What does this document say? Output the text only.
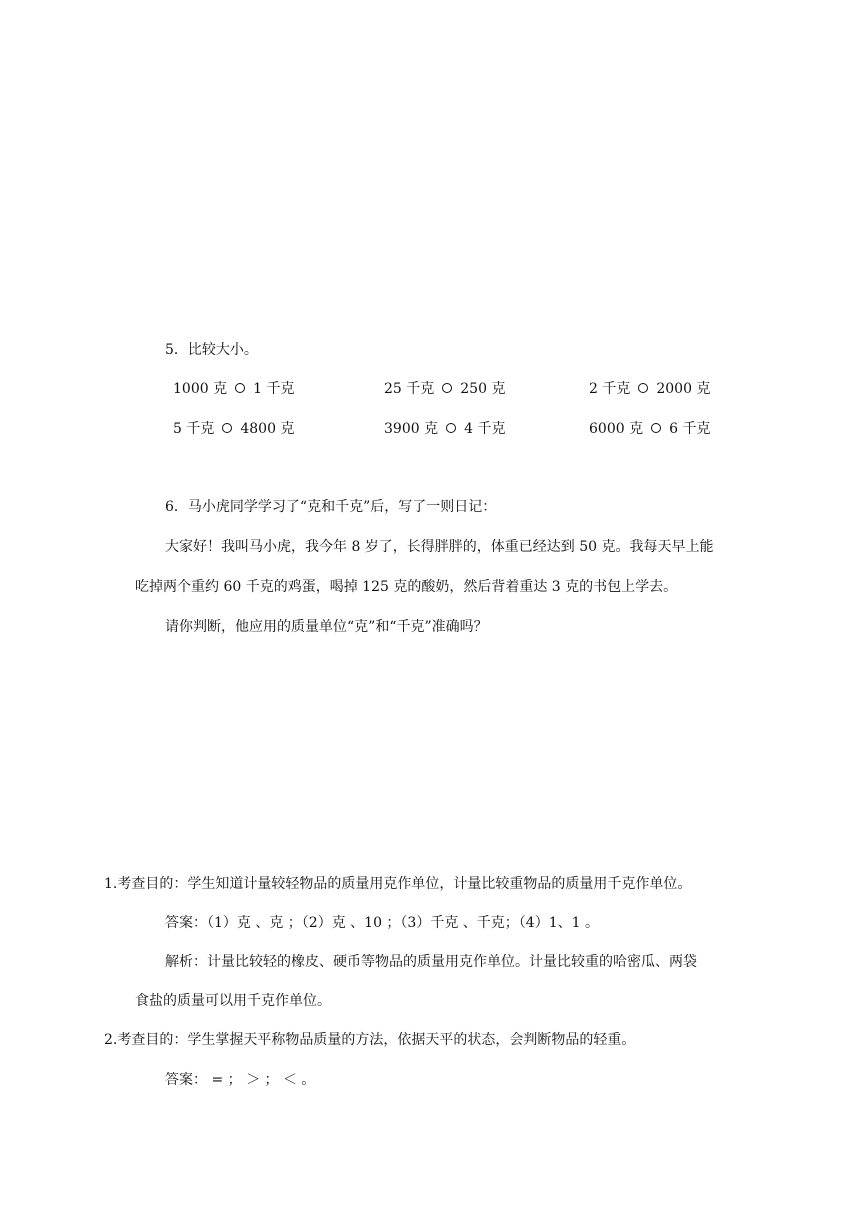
5．比较大小。
1000 克 1 千克	25 千克 250 克	2 千克 2000 克
5 千克 4800 克	3900 克 4 千克	6000 克 6 千克
6．马小虎同学学习了“克和千克”后，写了一则日记：
大家好！我叫马小虎，我今年 8 岁了，长得胖胖的，体重已经达到 50 克。我每天早上能
吃掉两个重约 60 千克的鸡蛋，喝掉 125 克的酸奶，然后背着重达 3 克的书包上学去。
请你判断，他应用的质量单位“克”和“千克”准确吗？
1.考查目的：学生知道计量较轻物品的质量用克作单位，计量比较重物品的质量用千克作单位。
答案：（1）克 、克 ；（2）克 、10 ；（3）千克 、千克；（4）1、1 。
解析：计量比较轻的橡皮、硬币等物品的质量用克作单位。计量比较重的哈密瓜、两袋
食盐的质量可以用千克作单位。
2.考查目的：学生掌握天平称物品质量的方法，依据天平的状态，会判断物品的轻重。
答案： = ； ＞ ； ＜ 。
